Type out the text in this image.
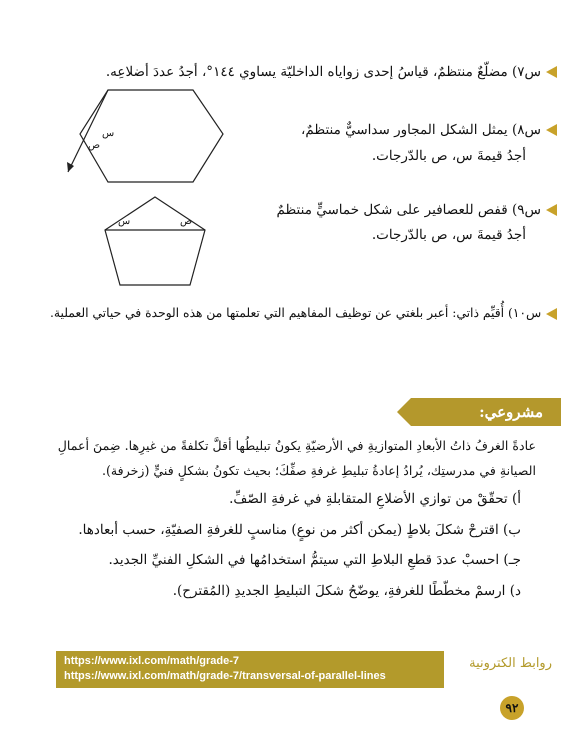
س٧) مضلّعٌ منتظمٌ، قياسُ إحدى زواياه الداخليّة يساوي ١٤٤°، أجدُ عددَ أضلاعِه.
س
ص
س٨) يمثل الشكل المجاور سداسيٌّ منتظمٌ،
أجدُ قيمةَ س، ص بالدّرجات.
س	ص
س٩) قفص للعصافير على شكل خماسيٍّ منتظمٌ
أجدُ قيمةَ س، ص بالدّرجات.
س١٠) أُقيِّم ذاتي: أعبر بلغتي عن توظيف المفاهيم التي تعلمتها من هذه الوحدة في حياتي العملية.
مشروعي:
عادةً الغرفُ ذاتُ الأبعادِ المتوازيةِ في الأرضيّةِ يكونُ تبليطُها أقلَّ تكلفةً من غيرِها. ضِمنَ أعمالِ
الصيانةِ في مدرستِك، يُرادُ إعادةُ تبليطِ غرفةِ صفِّكَ؛ بحيث تكونُ بشكلٍ فنيٍّ (زخرفة).
أ) تحقّقْ من توازي الأضلاعِ المتقابلةِ في غرفةِ الصّفِّ.
ب) اقترحْ شكلَ بلاطٍ (يمكن أكثر من نوعٍ) مناسبٍ للغرفةِ الصفيّةِ، حسب أبعادها.
جـ) احسبْ عددَ قطعِ البلاطِ التي سيتمُّ استخدامُها في الشكلِ الفنيِّ الجديد.
د) ارسمْ مخطّطًا للغرفةِ، يوضّحُ شكلَ التبليطِ الجديدِ (المُقترح).
https://www.ixl.com/math/grade-7
https://www.ixl.com/math/grade-7/transversal-of-parallel-lines
روابط الكترونية
٩٢
